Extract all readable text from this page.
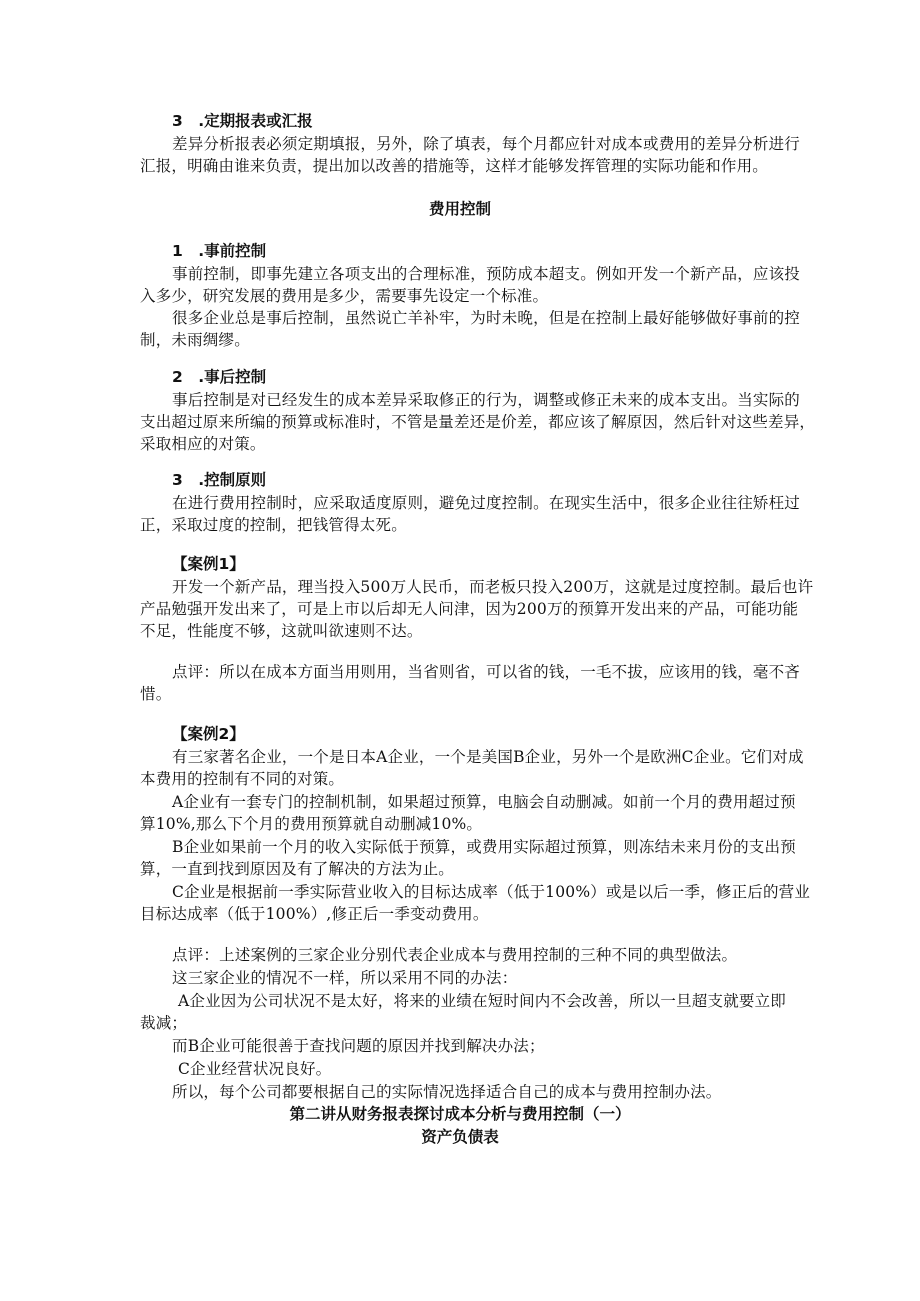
3　.定期报表或汇报
差异分析报表必须定期填报，另外，除了填表，每个月都应针对成本或费用的差异分析进行
汇报，明确由谁来负责，提出加以改善的措施等，这样才能够发挥管理的实际功能和作用。
费用控制
1　.事前控制
事前控制，即事先建立各项支出的合理标准，预防成本超支。例如开发一个新产品，应该投
入多少，研究发展的费用是多少，需要事先设定一个标准。
很多企业总是事后控制，虽然说亡羊补牢，为时未晚，但是在控制上最好能够做好事前的控
制，未雨绸缪。
2　.事后控制
事后控制是对已经发生的成本差异采取修正的行为，调整或修正未来的成本支出。当实际的
支出超过原来所编的预算或标准时，不管是量差还是价差，都应该了解原因，然后针对这些差异，
采取相应的对策。
3　.控制原则
在进行费用控制时，应采取适度原则，避免过度控制。在现实生活中，很多企业往往矫枉过
正，采取过度的控制，把钱管得太死。
【案例1】
开发一个新产品，理当投入500万人民币，而老板只投入200万，这就是过度控制。最后也许
产品勉强开发出来了，可是上市以后却无人问津，因为200万的预算开发出来的产品，可能功能
不足，性能度不够，这就叫欲速则不达。
点评：所以在成本方面当用则用，当省则省，可以省的钱，一毛不拔，应该用的钱，毫不吝
惜。
【案例2】
有三家著名企业，一个是日本A企业，一个是美国B企业，另外一个是欧洲C企业。它们对成
本费用的控制有不同的对策。
A企业有一套专门的控制机制，如果超过预算，电脑会自动删减。如前一个月的费用超过预
算10%,那么下个月的费用预算就自动删减10%。
B企业如果前一个月的收入实际低于预算，或费用实际超过预算，则冻结未来月份的支出预
算，一直到找到原因及有了解决的方法为止。
C企业是根据前一季实际营业收入的目标达成率（低于100%）或是以后一季，修正后的营业
目标达成率（低于100%）,修正后一季变动费用。
点评：上述案例的三家企业分别代表企业成本与费用控制的三种不同的典型做法。
这三家企业的情况不一样，所以采用不同的办法：
A企业因为公司状况不是太好，将来的业绩在短时间内不会改善，所以一旦超支就要立即
裁减；
而B企业可能很善于查找问题的原因并找到解决办法；
C企业经营状况良好。
所以，每个公司都要根据自己的实际情况选择适合自己的成本与费用控制办法。
第二讲从财务报表探讨成本分析与费用控制（一）
资产负债表
